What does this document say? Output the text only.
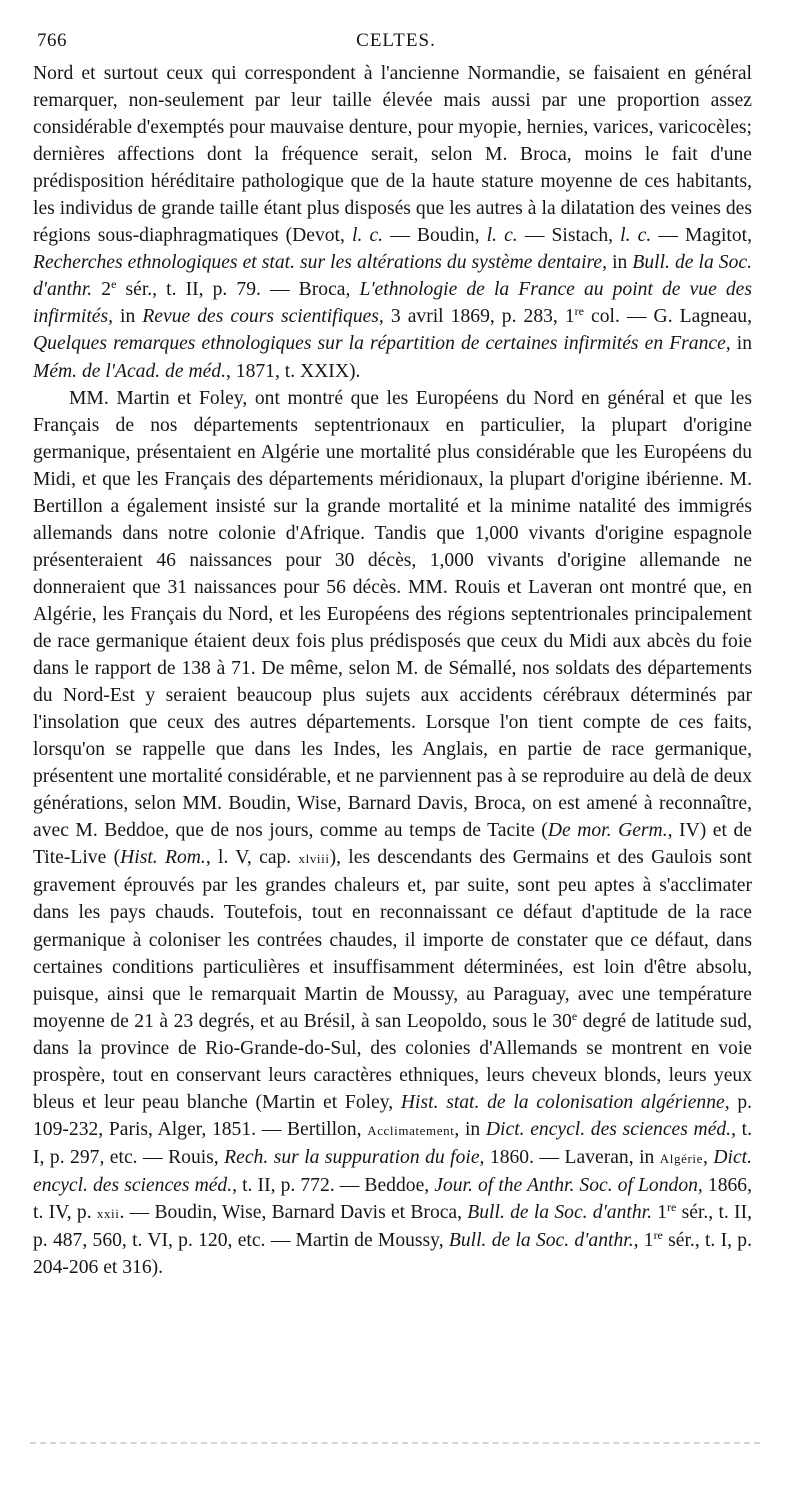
766	CELTES.

Nord et surtout ceux qui correspondent à l'ancienne Normandie, se faisaient en général remarquer, non-seulement par leur taille élevée mais aussi par une proportion assez considérable d'exemptés pour mauvaise denture, pour myopie, hernies, varices, varicocèles; dernières affections dont la fréquence serait, selon M. Broca, moins le fait d'une prédisposition héréditaire pathologique que de la haute stature moyenne de ces habitants, les individus de grande taille étant plus disposés que les autres à la dilatation des veines des régions sous-diaphragmatiques (Devot, l. c. — Boudin, l. c. — Sistach, l. c. — Magitot, Recherches ethnologiques et stat. sur les altérations du système dentaire, in Bull. de la Soc. d'anthr. 2e sér., t. II, p. 79. — Broca, L'ethnologie de la France au point de vue des infirmités, in Revue des cours scientifiques, 3 avril 1869, p. 283, 1re col. — G. Lagneau, Quelques remarques ethnologiques sur la répartition de certaines infirmités en France, in Mém. de l'Acad. de méd., 1871, t. XXIX).

MM. Martin et Foley, ont montré que les Européens du Nord en général et que les Français de nos départements septentrionaux en particulier, la plupart d'origine germanique, présentaient en Algérie une mortalité plus considérable que les Européens du Midi, et que les Français des départements méridionaux, la plupart d'origine ibérienne. M. Bertillon a également insisté sur la grande mortalité et la minime natalité des immigrés allemands dans notre colonie d'Afrique. Tandis que 1,000 vivants d'origine espagnole présenteraient 46 naissances pour 30 décès, 1,000 vivants d'origine allemande ne donneraient que 31 naissances pour 56 décès. MM. Rouis et Laveran ont montré que, en Algérie, les Français du Nord, et les Européens des régions septentrionales principalement de race germanique étaient deux fois plus prédisposés que ceux du Midi aux abcès du foie dans le rapport de 138 à 71. De même, selon M. de Sémallé, nos soldats des départements du Nord-Est y seraient beaucoup plus sujets aux accidents cérébraux déterminés par l'insolation que ceux des autres départements. Lorsque l'on tient compte de ces faits, lorsqu'on se rappelle que dans les Indes, les Anglais, en partie de race germanique, présentent une mortalité considérable, et ne parviennent pas à se reproduire au delà de deux générations, selon MM. Boudin, Wise, Barnard Davis, Broca, on est amené à reconnaître, avec M. Beddoe, que de nos jours, comme au temps de Tacite (De mor. Germ., IV) et de Tite-Live (Hist. Rom., l. V, cap. xlviii), les descendants des Germains et des Gaulois sont gravement éprouvés par les grandes chaleurs et, par suite, sont peu aptes à s'acclimater dans les pays chauds. Toutefois, tout en reconnaissant ce défaut d'aptitude de la race germanique à coloniser les contrées chaudes, il importe de constater que ce défaut, dans certaines conditions particulières et insuffisamment déterminées, est loin d'être absolu, puisque, ainsi que le remarquait Martin de Moussy, au Paraguay, avec une température moyenne de 21 à 23 degrés, et au Brésil, à san Leopoldo, sous le 30e degré de latitude sud, dans la province de Rio-Grande-do-Sul, des colonies d'Allemands se montrent en voie prospère, tout en conservant leurs caractères ethniques, leurs cheveux blonds, leurs yeux bleus et leur peau blanche (Martin et Foley, Hist. stat. de la colonisation algérienne, p. 109-232, Paris, Alger, 1851. — Bertillon, Acclimatement, in Dict. encycl. des sciences méd., t. I, p. 297, etc. — Rouis, Rech. sur la suppuration du foie, 1860. — Laveran, in Algérie, Dict. encycl. des sciences méd., t. II, p. 772. — Beddoe, Jour. of the Anthr. Soc. of London, 1866, t. IV, p. xxii. — Boudin, Wise, Barnard Davis et Broca, Bull. de la Soc. d'anthr. 1re sér., t. II, p. 487, 560, t. VI, p. 120, etc. — Martin de Moussy, Bull. de la Soc. d'anthr., 1re sér., t. I, p. 204-206 et 316).
